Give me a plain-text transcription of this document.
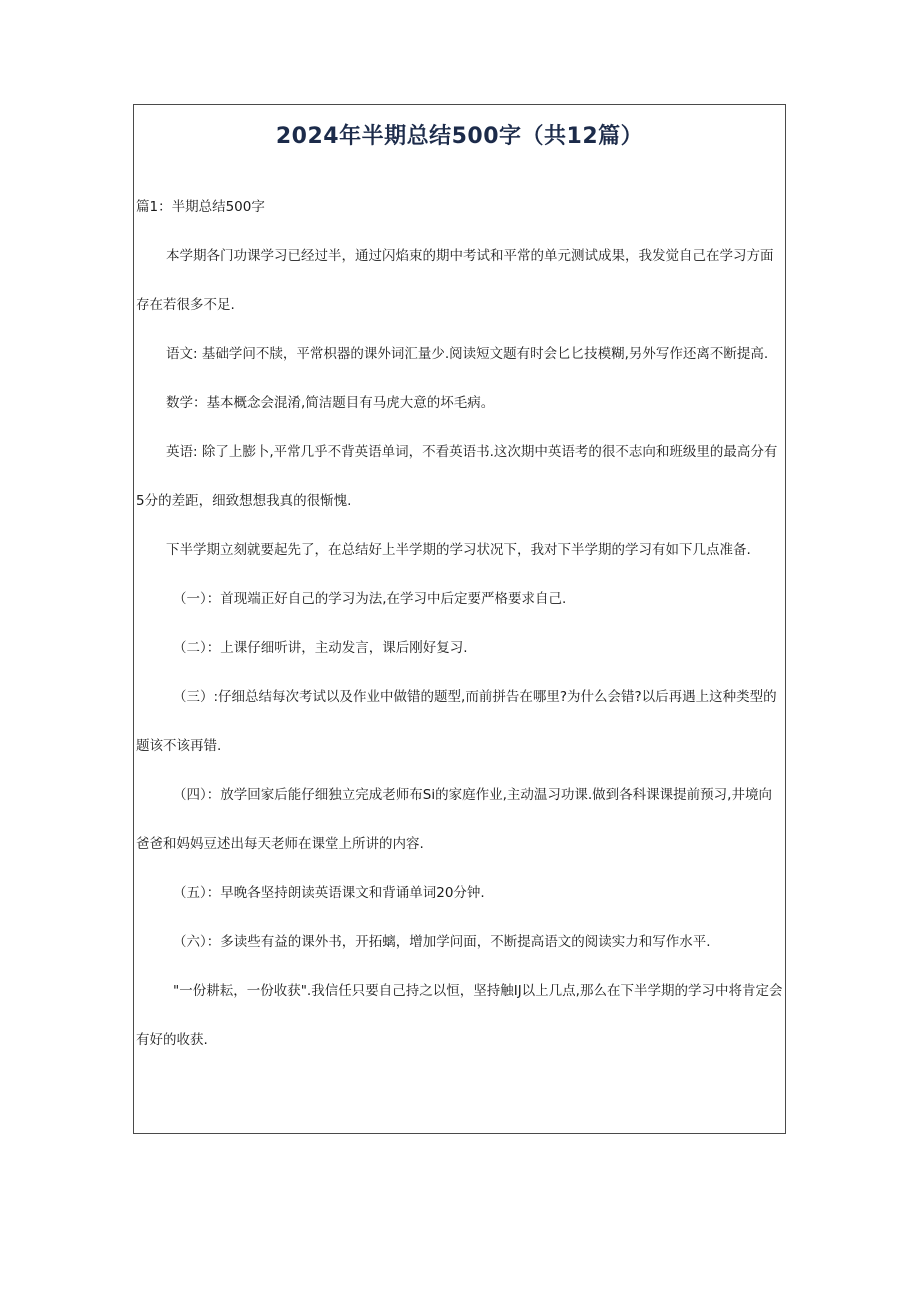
2024年半期总结500字（共12篇）

篇1：半期总结500字

本学期各门功课学习已经过半，通过闪焰束的期中考试和平常的单元测试成果，我发觉自己在学习方面存在若很多不足.

语文: 基础学问不牍，平常枳器的课外词汇量少.阅读短文题有时会匕匕技模糊,另外写作还离不断提高.

数学：基本概念会混淆,简洁题目有马虎大意的坏毛病。

英语: 除了上膨卜,平常几乎不背英语单词，不看英语书.这次期中英语考的很不志向和班级里的最高分有5分的差距，细致想想我真的很惭愧.

下半学期立刻就要起先了，在总结好上半学期的学习状况下，我对下半学期的学习有如下几点准备.

（一）：首现端正好自己的学习为法,在学习中后定要严格要求自己.

（二）：上课仔细听讲，主动发言，课后刚好复习.

（三）:仔细总结每次考试以及作业中做错的题型,而前拼告在哪里?为什么会错?以后再遇上这种类型的题该不该再错.

（四）：放学回家后能仔细独立完成老师布Si的家庭作业,主动温习功课.做到各科课课提前预习,井境向爸爸和妈妈豆述出每天老师在课堂上所讲的内容.

（五）：早晚各坚持朗读英语课文和背诵单词20分钟.

（六）：多读些有益的课外书，开拓螭，增加学问面，不断提高语文的阅读实力和写作水平.

"一份耕耘，一份收获".我信任只要自己持之以恒，坚持触IJ以上几点,那么在下半学期的学习中将肯定会有好的收获.
